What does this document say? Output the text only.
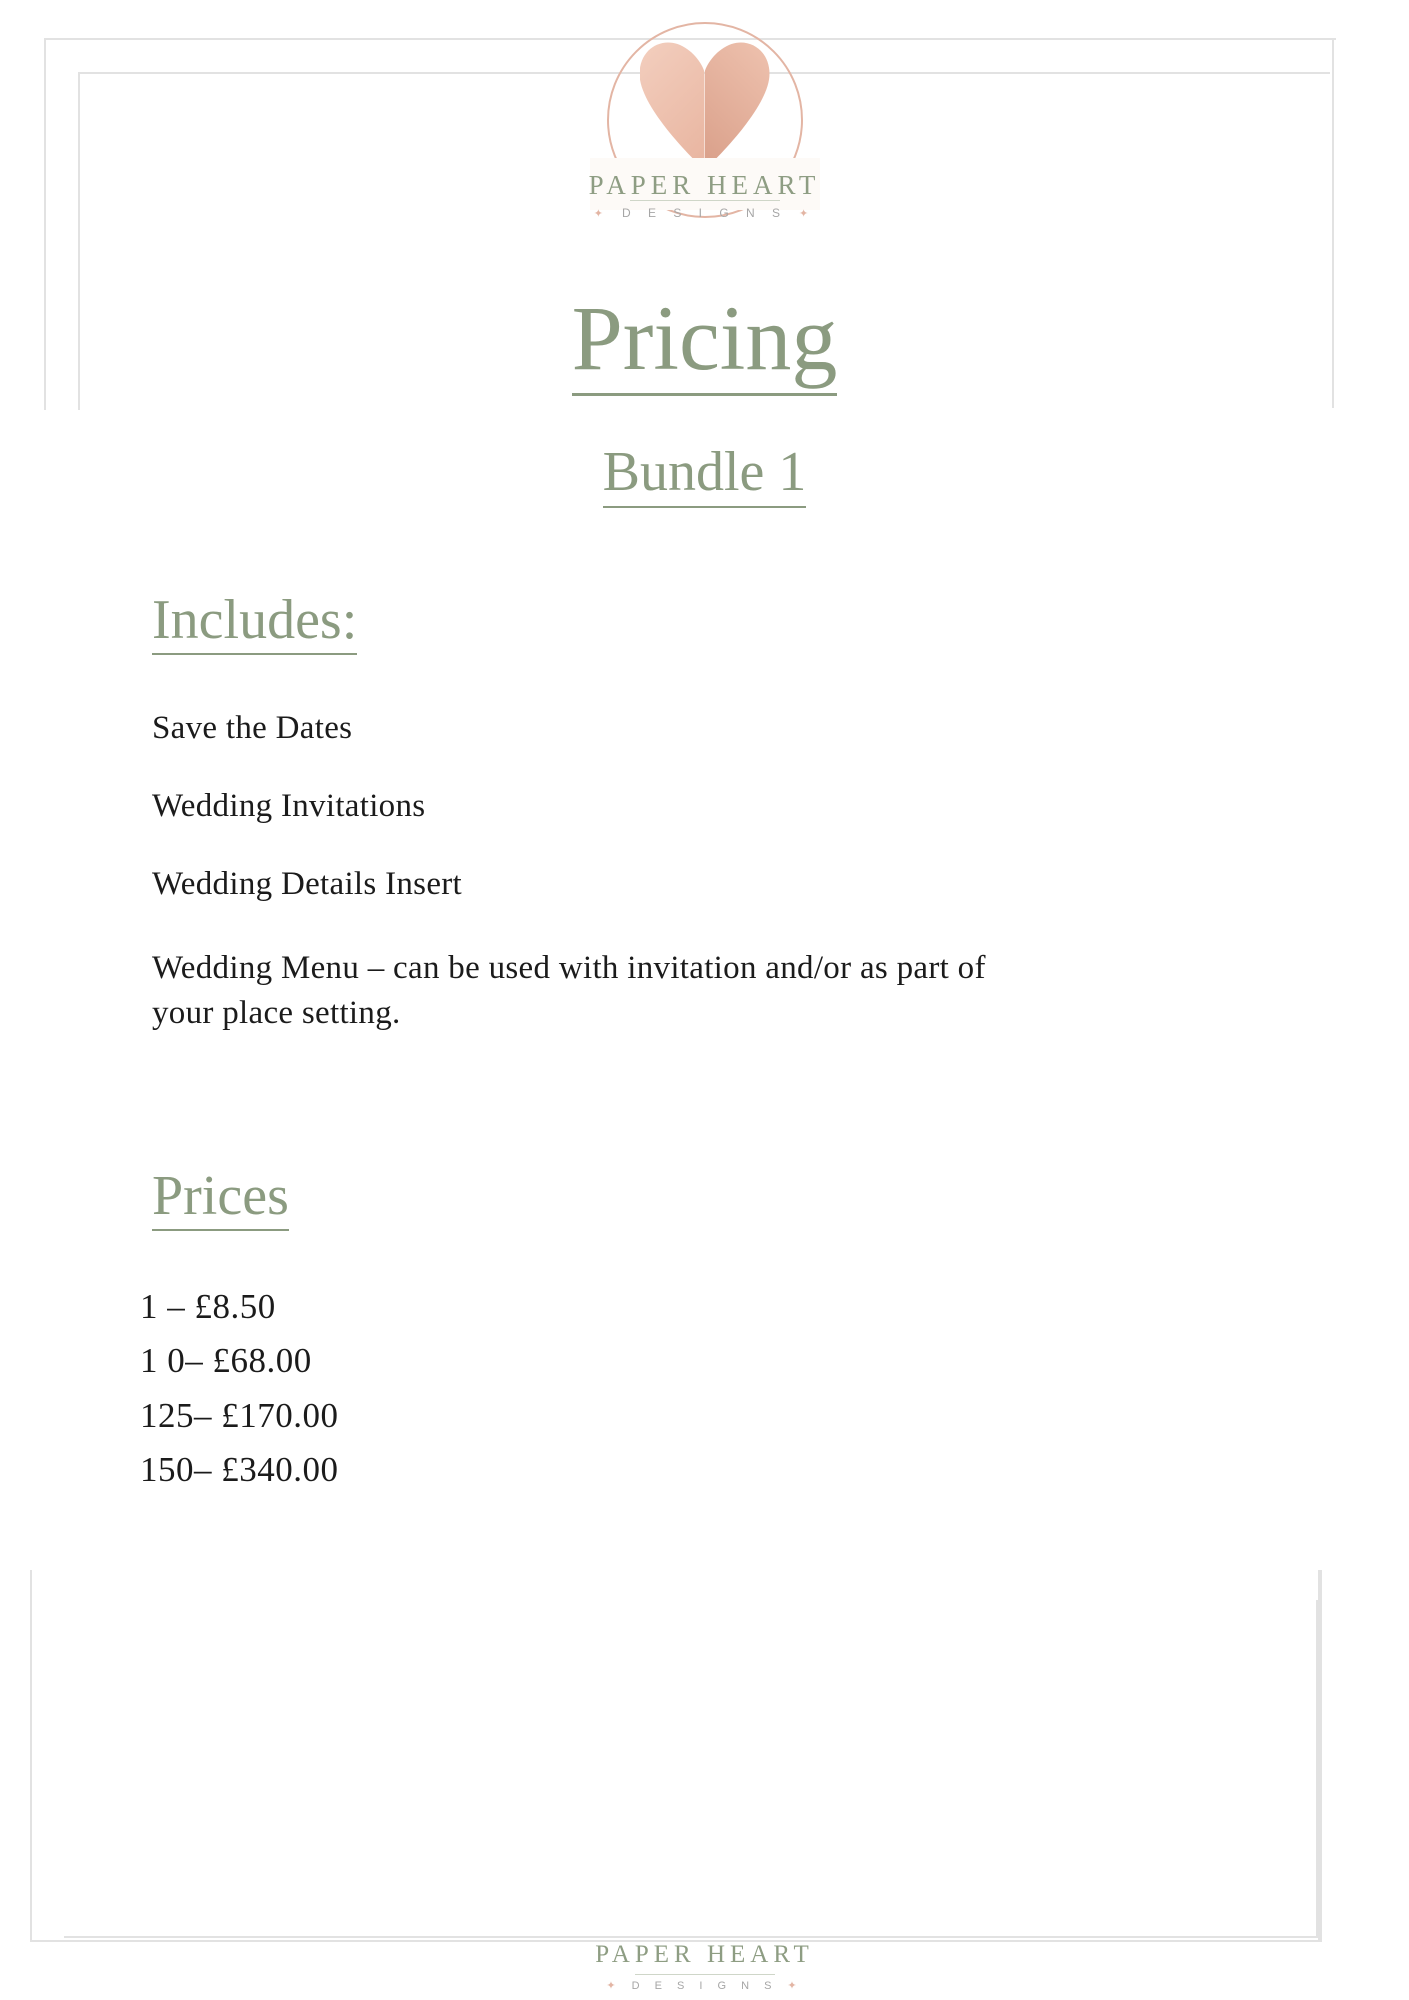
PAPER HEART
✦ D E S I G N S ✦
Pricing
Bundle 1
Includes:
Save the Dates
Wedding Invitations
Wedding Details Insert
Wedding Menu – can be used with invitation and/or as part of your place setting.
Prices
1 – £8.50
1 0– £68.00
125– £170.00
150– £340.00
PAPER HEART
✦ D E S I G N S ✦
